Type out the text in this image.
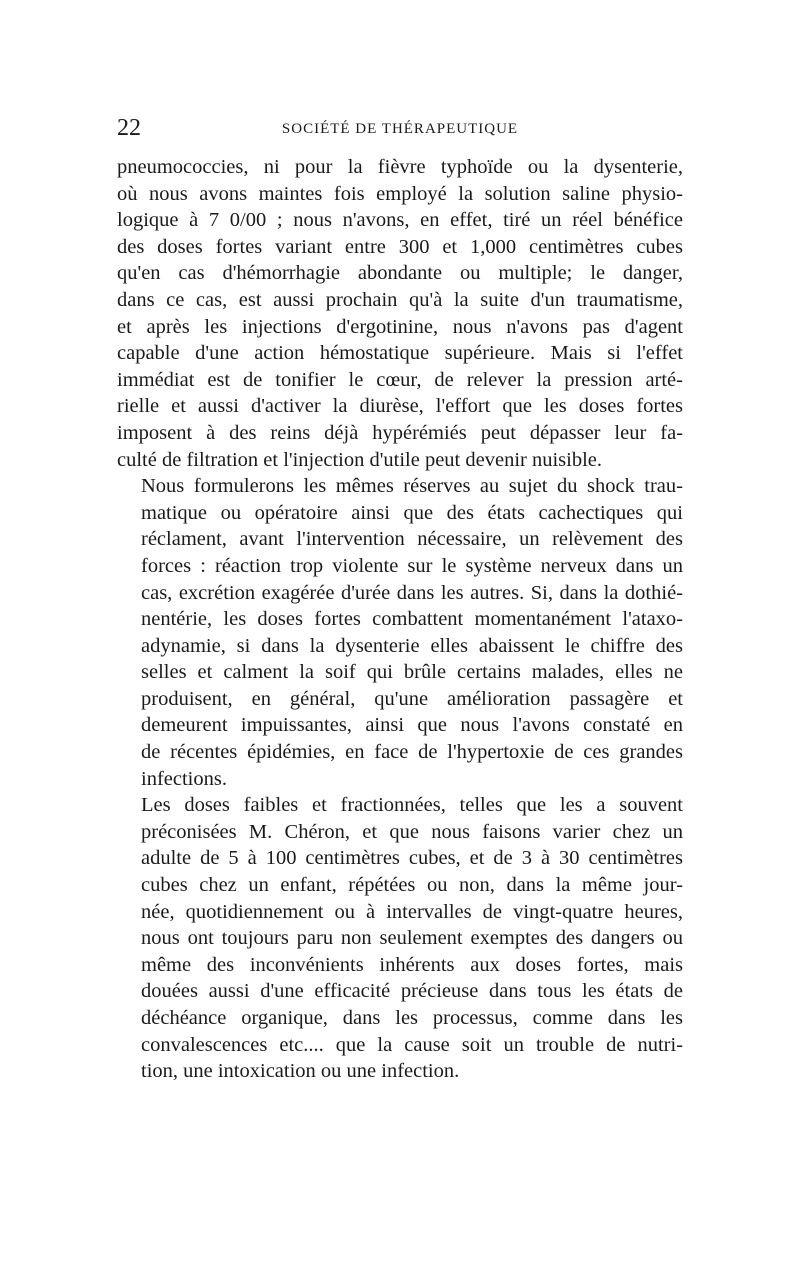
22	SOCIÉTÉ DE THÉRAPEUTIQUE
pneumococcies, ni pour la fièvre typhoïde ou la dysenterie,
où nous avons maintes fois employé la solution saline physio-
logique à 7 0/00 ; nous n'avons, en effet, tiré un réel bénéfice
des doses fortes variant entre 300 et 1,000 centimètres cubes
qu'en cas d'hémorrhagie abondante ou multiple; le danger,
dans ce cas, est aussi prochain qu'à la suite d'un traumatisme,
et après les injections d'ergotinine, nous n'avons pas d'agent
capable d'une action hémostatique supérieure. Mais si l'effet
immédiat est de tonifier le cœur, de relever la pression arté-
rielle et aussi d'activer la diurèse, l'effort que les doses fortes
imposent à des reins déjà hypérémiés peut dépasser leur fa-
culté de filtration et l'injection d'utile peut devenir nuisible.
Nous formulerons les mêmes réserves au sujet du shock trau-
matique ou opératoire ainsi que des états cachectiques qui
réclament, avant l'intervention nécessaire, un relèvement des
forces : réaction trop violente sur le système nerveux dans un
cas, excrétion exagérée d'urée dans les autres. Si, dans la dothié-
nentérie, les doses fortes combattent momentanément l'ataxo-
adynamie, si dans la dysenterie elles abaissent le chiffre des
selles et calment la soif qui brûle certains malades, elles ne
produisent, en général, qu'une amélioration passagère et
demeurent impuissantes, ainsi que nous l'avons constaté en
de récentes épidémies, en face de l'hypertoxie de ces grandes
infections.
Les doses faibles et fractionnées, telles que les a souvent
préconisées M. Chéron, et que nous faisons varier chez un
adulte de 5 à 100 centimètres cubes, et de 3 à 30 centimètres
cubes chez un enfant, répétées ou non, dans la même jour-
née, quotidiennement ou à intervalles de vingt-quatre heures,
nous ont toujours paru non seulement exemptes des dangers ou
même des inconvénients inhérents aux doses fortes, mais
douées aussi d'une efficacité précieuse dans tous les états de
déchéance organique, dans les processus, comme dans les
convalescences etc.... que la cause soit un trouble de nutri-
tion, une intoxication ou une infection.
